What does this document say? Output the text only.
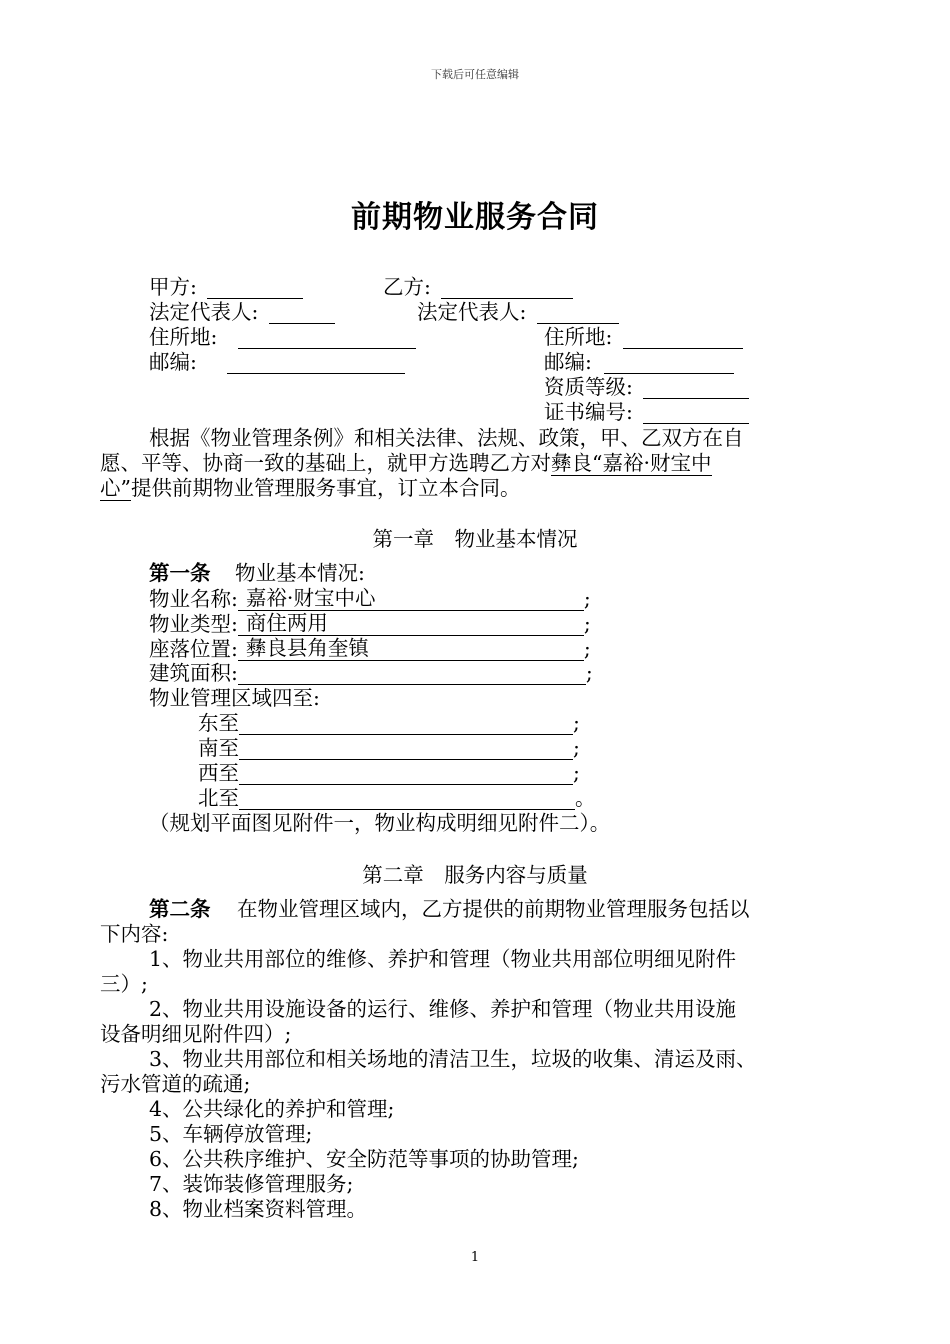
下载后可任意编辑
前期物业服务合同
甲方:	乙方:
法定代表人:	法定代表人:
住所地:	住所地:
邮编:	邮编:
资质等级:
证书编号:
根据《物业管理条例》和相关法律、法规、政策，甲、乙双方在自
愿、平等、协商一致的基础上，就甲方选聘乙方对彝良“嘉裕·财宝中
心”提供前期物业管理服务事宜，订立本合同。
第一章　物业基本情况
第一条 物业基本情况:
物业名称: 嘉裕·财宝中心	;
物业类型: 商住两用	;
座落位置: 彝良县角奎镇	;
建筑面积:	;
物业管理区域四至:
东至	;
南至	;
西至	;
北至	。
（规划平面图见附件一，物业构成明细见附件二）。
第二章　服务内容与质量
第二条 在物业管理区域内，乙方提供的前期物业管理服务包括以
下内容:
1、物业共用部位的维修、养护和管理（物业共用部位明细见附件
三）;
2、物业共用设施设备的运行、维修、养护和管理（物业共用设施
设备明细见附件四）;
3、物业共用部位和相关场地的清洁卫生，垃圾的收集、清运及雨、
污水管道的疏通;
4、公共绿化的养护和管理;
5、车辆停放管理;
6、公共秩序维护、安全防范等事项的协助管理;
7、装饰装修管理服务;
8、物业档案资料管理。
1
